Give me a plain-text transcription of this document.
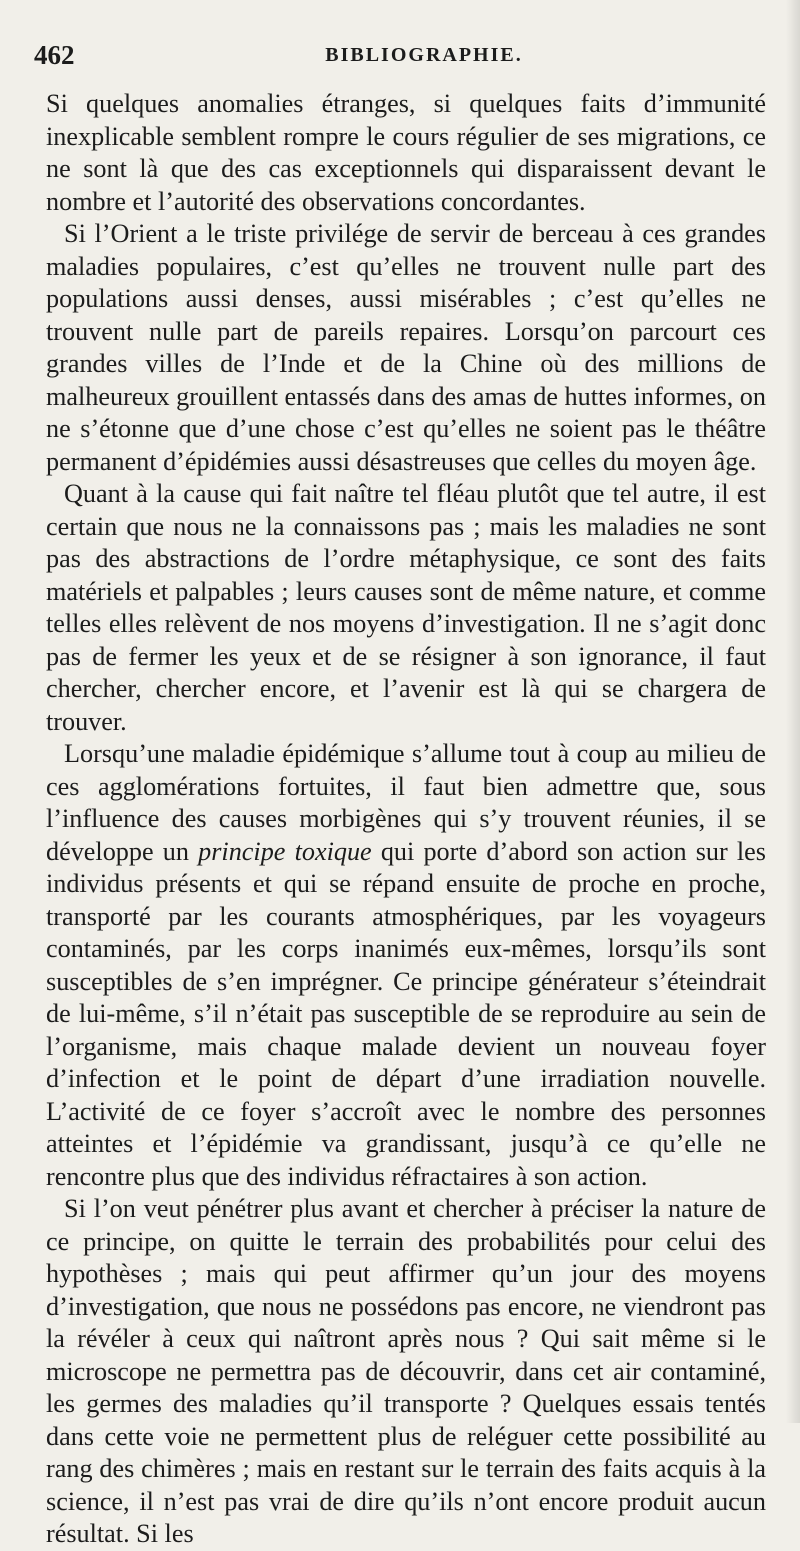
462	BIBLIOGRAPHIE.

Si quelques anomalies étranges, si quelques faits d’immunité inexplicable semblent rompre le cours régulier de ses migrations, ce ne sont là que des cas exceptionnels qui disparaissent devant le nombre et l’autorité des observations concordantes.

Si l’Orient a le triste privilége de servir de berceau à ces grandes maladies populaires, c’est qu’elles ne trouvent nulle part des populations aussi denses, aussi misérables ; c’est qu’elles ne trouvent nulle part de pareils repaires. Lorsqu’on parcourt ces grandes villes de l’Inde et de la Chine où des millions de malheureux grouillent entassés dans des amas de huttes informes, on ne s’étonne que d’une chose c’est qu’elles ne soient pas le théâtre permanent d’épidémies aussi désastreuses que celles du moyen âge.

Quant à la cause qui fait naître tel fléau plutôt que tel autre, il est certain que nous ne la connaissons pas ; mais les maladies ne sont pas des abstractions de l’ordre métaphysique, ce sont des faits matériels et palpables ; leurs causes sont de même nature, et comme telles elles relèvent de nos moyens d’investigation. Il ne s’agit donc pas de fermer les yeux et de se résigner à son ignorance, il faut chercher, chercher encore, et l’avenir est là qui se chargera de trouver.

Lorsqu’une maladie épidémique s’allume tout à coup au milieu de ces agglomérations fortuites, il faut bien admettre que, sous l’influence des causes morbigènes qui s’y trouvent réunies, il se développe un principe toxique qui porte d’abord son action sur les individus présents et qui se répand ensuite de proche en proche, transporté par les courants atmosphériques, par les voyageurs contaminés, par les corps inanimés eux-mêmes, lorsqu’ils sont susceptibles de s’en imprégner. Ce principe générateur s’éteindrait de lui-même, s’il n’était pas susceptible de se reproduire au sein de l’organisme, mais chaque malade devient un nouveau foyer d’infection et le point de départ d’une irradiation nouvelle. L’activité de ce foyer s’accroît avec le nombre des personnes atteintes et l’épidémie va grandissant, jusqu’à ce qu’elle ne rencontre plus que des individus réfractaires à son action.

Si l’on veut pénétrer plus avant et chercher à préciser la nature de ce principe, on quitte le terrain des probabilités pour celui des hypothèses ; mais qui peut affirmer qu’un jour des moyens d’investigation, que nous ne possédons pas encore, ne viendront pas la révéler à ceux qui naîtront après nous ? Qui sait même si le microscope ne permettra pas de découvrir, dans cet air contaminé, les germes des maladies qu’il transporte ? Quelques essais tentés dans cette voie ne permettent plus de reléguer cette possibilité au rang des chimères ; mais en restant sur le terrain des faits acquis à la science, il n’est pas vrai de dire qu’ils n’ont encore produit aucun résultat. Si les
